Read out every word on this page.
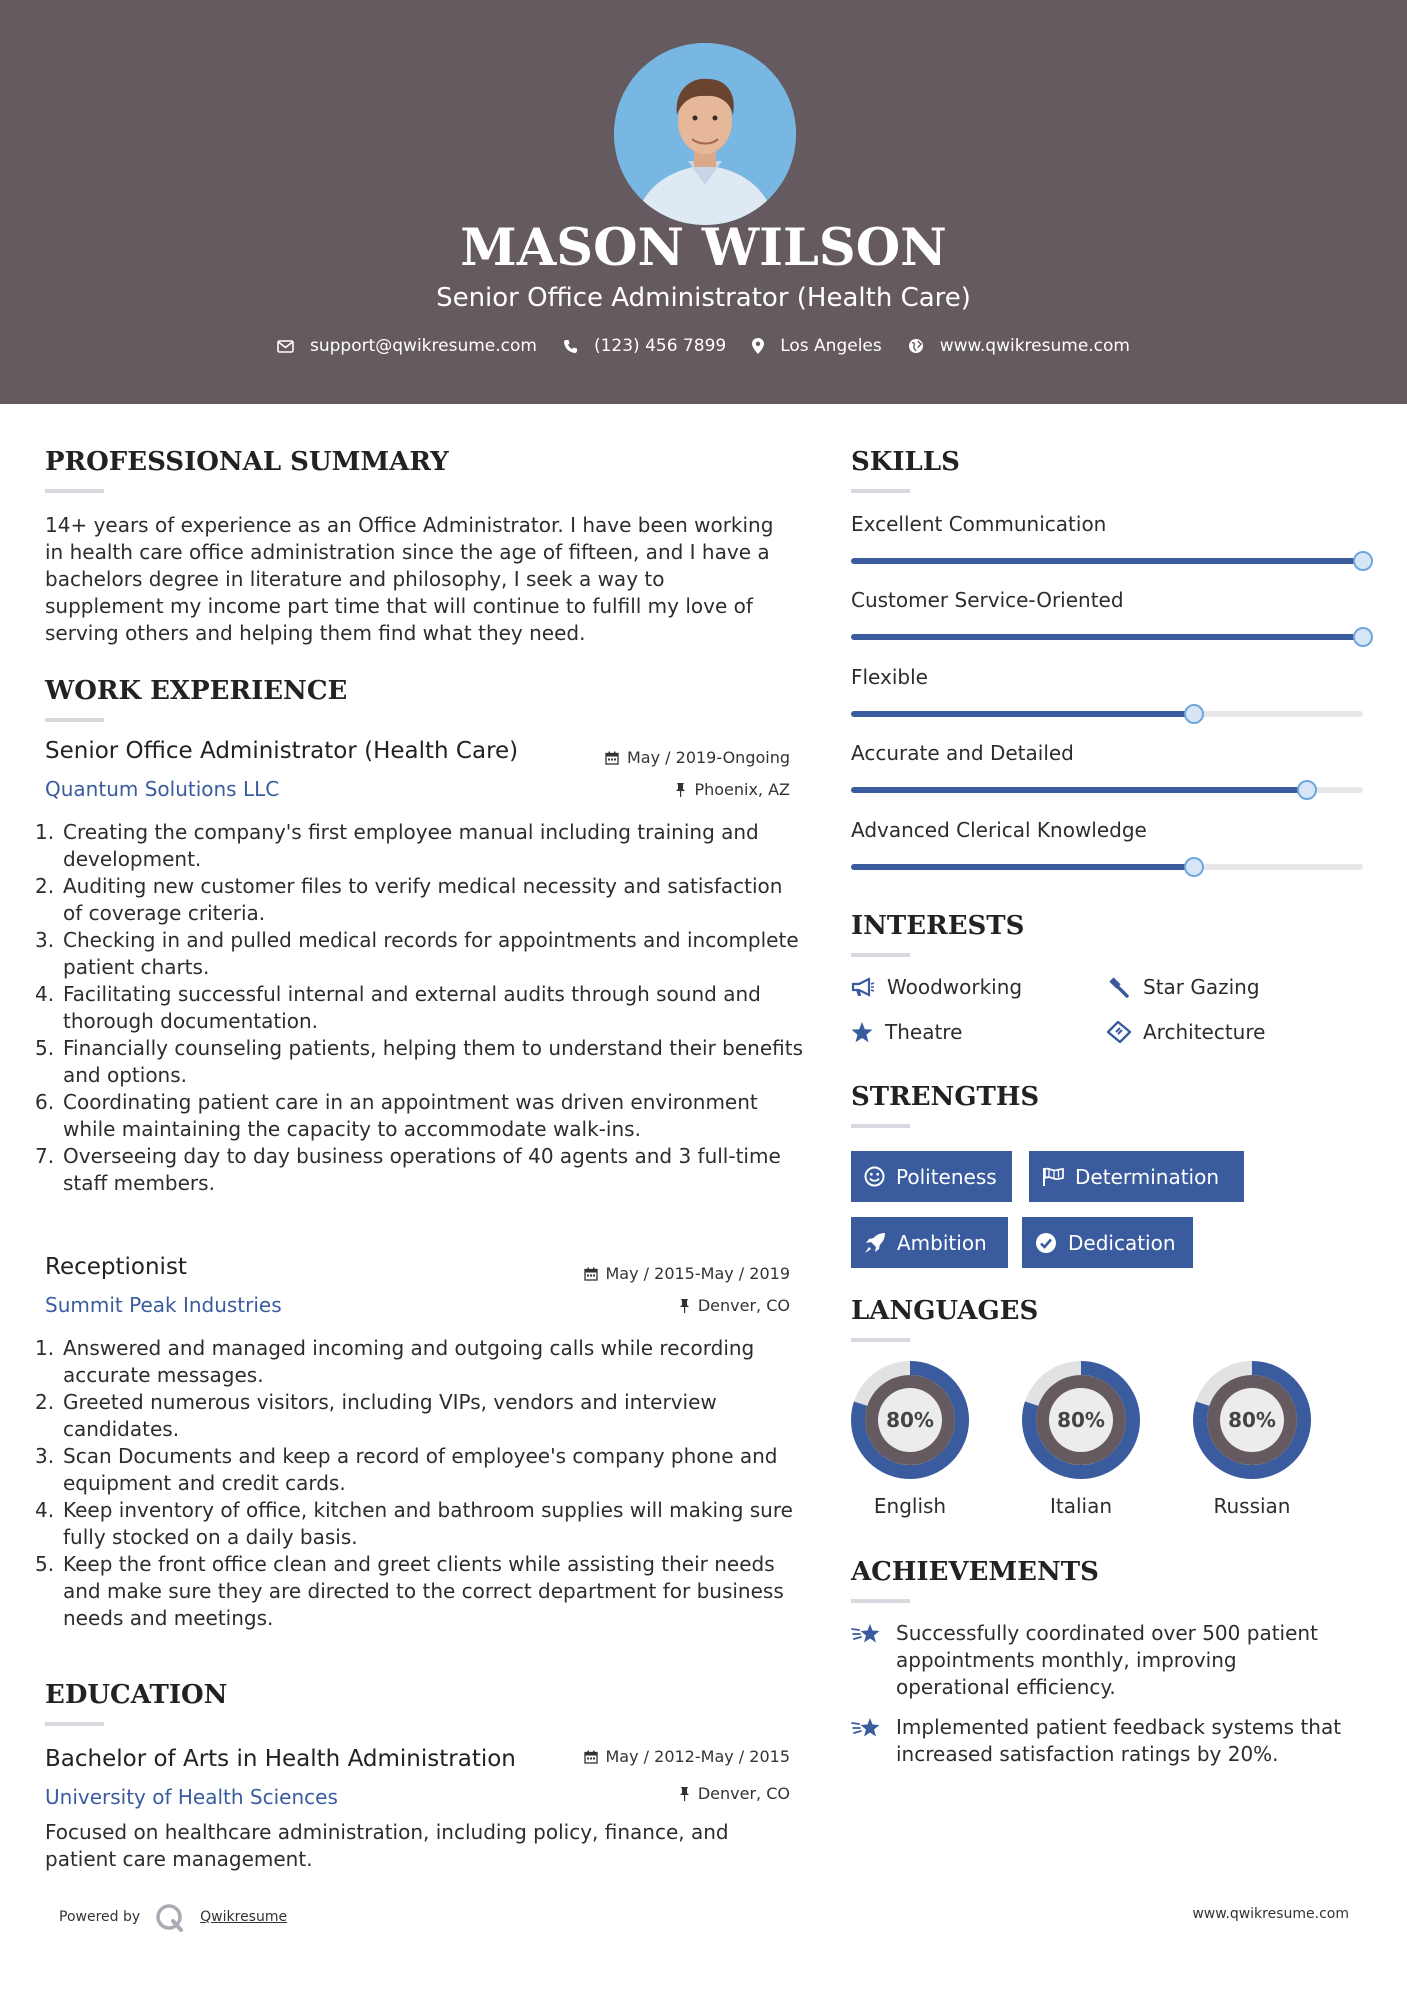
MASON WILSON
Senior Office Administrator (Health Care)
support@qwikresume.com	(123) 456 7899	Los Angeles	www.qwikresume.com
PROFESSIONAL SUMMARY
14+ years of experience as an Office Administrator. I have been working
in health care office administration since the age of fifteen, and I have a
bachelors degree in literature and philosophy, I seek a way to
supplement my income part time that will continue to fulfill my love of
serving others and helping them find what they need.
WORK EXPERIENCE
Senior Office Administrator (Health Care)	May / 2019-Ongoing
Quantum Solutions LLC	Phoenix, AZ
Creating the company's first employee manual including training and development.
Auditing new customer files to verify medical necessity and satisfaction of coverage criteria.
Checking in and pulled medical records for appointments and incomplete patient charts.
Facilitating successful internal and external audits through sound and thorough documentation.
Financially counseling patients, helping them to understand their benefits and options.
Coordinating patient care in an appointment was driven environment while maintaining the capacity to accommodate walk-ins.
Overseeing day to day business operations of 40 agents and 3 full-time staff members.
Receptionist	May / 2015-May / 2019
Summit Peak Industries	Denver, CO
Answered and managed incoming and outgoing calls while recording accurate messages.
Greeted numerous visitors, including VIPs, vendors and interview candidates.
Scan Documents and keep a record of employee's company phone and equipment and credit cards.
Keep inventory of office, kitchen and bathroom supplies will making sure fully stocked on a daily basis.
Keep the front office clean and greet clients while assisting their needs and make sure they are directed to the correct department for business needs and meetings.
EDUCATION
Bachelor of Arts in Health Administration	May / 2012-May / 2015
University of Health Sciences	Denver, CO
Focused on healthcare administration, including policy, finance, and patient care management.
SKILLS
Excellent Communication
Customer Service-Oriented
Flexible
Accurate and Detailed
Advanced Clerical Knowledge
INTERESTS
Woodworking	Star Gazing
Theatre	Architecture
STRENGTHS
Politeness	Determination
Ambition	Dedication
LANGUAGES
80%	80%	80%
English	Italian	Russian
ACHIEVEMENTS
Successfully coordinated over 500 patient appointments monthly, improving operational efficiency.
Implemented patient feedback systems that increased satisfaction ratings by 20%.
Powered by	Qwikresume	www.qwikresume.com
